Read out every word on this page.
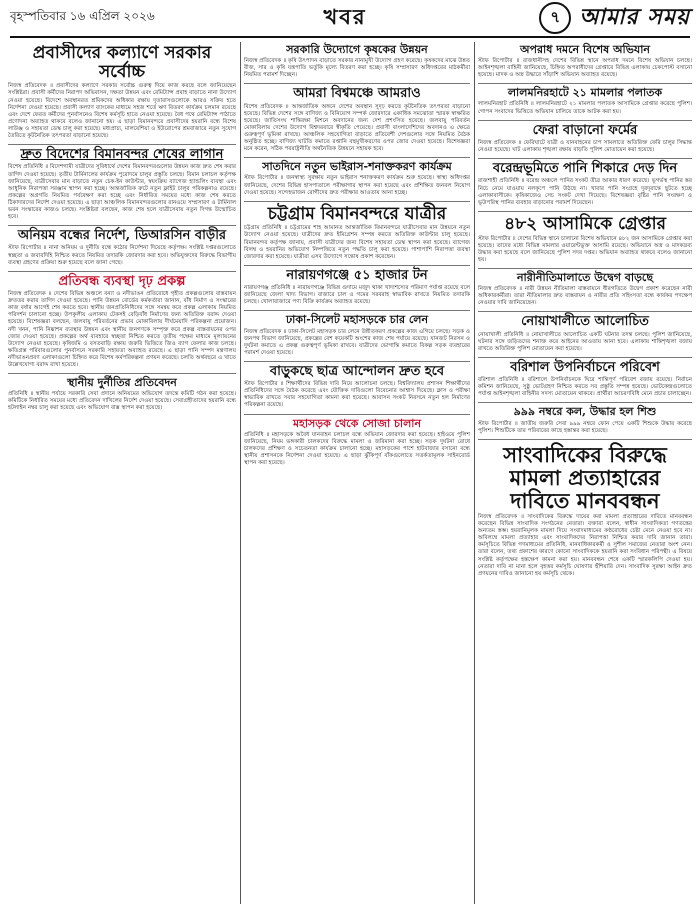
বৃহস্পতিবার ১৬ এপ্রিল ২০২৬	খবর	৭ আমার সময়
প্রবাসীদের কল্যাণে সরকার সর্বোচ্চ
নিজস্ব প্রতিবেদক ॥ প্রবাসীদের কল্যাণে সরকার সর্বোচ্চ গুরুত্ব দিয়ে কাজ করছে বলে জানিয়েছেন সংশ্লিষ্টরা। প্রবাসী কর্মীদের নিরাপদ অভিবাসন, দক্ষতা উন্নয়ন এবং রেমিট্যান্স প্রবাহ বাড়াতে নানা উদ্যোগ নেওয়া হয়েছে। বিদেশে অবস্থানরত শ্রমিকদের অধিকার রক্ষায় দূতাবাসগুলোকে আরও সক্রিয় হতে নির্দেশনা দেওয়া হয়েছে। প্রবাসী কল্যাণ ব্যাংকের মাধ্যমে সহজ শর্তে ঋণ বিতরণ কার্যক্রম চলমান রয়েছে এবং দেশে ফেরত কর্মীদের পুনর্বাসনেও বিশেষ কর্মসূচি হাতে নেওয়া হয়েছে। বৈধ পথে রেমিট্যান্স পাঠাতে প্রণোদনা অব্যাহত থাকবে বলেও জানানো হয়। এ ছাড়া বিমানবন্দরে প্রবাসীদের হয়রানি বন্ধে বিশেষ লাউঞ্জ ও সহায়তা ডেস্ক চালু করা হয়েছে। মধ্যপ্রাচ্য, মালয়েশিয়া ও ইউরোপের শ্রমবাজারে নতুন সুযোগ তৈরিতে কূটনৈতিক তৎপরতা বাড়ানো হয়েছে।
দ্রুত বিদেশের বিমানবন্দর শেষের লাগান
বিশেষ প্রতিনিধি ॥ বিদেশগামী যাত্রীদের সুবিধার্থে দেশের বিমানবন্দরগুলোর উন্নয়ন কাজ দ্রুত শেষ করার তাগিদ দেওয়া হয়েছে। তৃতীয় টার্মিনালের কার্যক্রম পুরোদমে চালুর প্রস্তুতি চলছে। বিমান চলাচল কর্তৃপক্ষ জানিয়েছে, যাত্রীসেবার মান বাড়াতে নতুন চেক-ইন কাউন্টার, স্বয়ংক্রিয় ব্যাগেজ হ্যান্ডলিং ব্যবস্থা এবং আধুনিক নিরাপত্তা সরঞ্জাম স্থাপন করা হচ্ছে। আন্তর্জাতিক রুটে নতুন ফ্লাইট চালুর পরিকল্পনাও রয়েছে। প্রকল্পের অগ্রগতি নিয়মিত পর্যবেক্ষণ করা হচ্ছে এবং নির্ধারিত সময়ের মধ্যে কাজ শেষ করতে ঠিকাদারদের নির্দেশ দেওয়া হয়েছে। এ ছাড়া আঞ্চলিক বিমানবন্দরগুলোর রানওয়ে সম্প্রসারণ ও টার্মিনাল ভবন সংস্কারের কাজও চলছে। সংশ্লিষ্টরা বলছেন, কাজ শেষ হলে যাত্রীসেবায় নতুন দিগন্ত উন্মোচিত হবে।
অনিয়ম বন্ধের নির্দেশ, ডিআরসিন বাড়ীর
স্টাফ রিপোর্টার ॥ নানা অনিয়ম ও দুর্নীতি বন্ধে কঠোর নির্দেশনা দিয়েছে কর্তৃপক্ষ। সংশ্লিষ্ট দপ্তরগুলোতে স্বচ্ছতা ও জবাবদিহি নিশ্চিত করতে নিয়মিত তদারকি জোরদার করা হবে। অভিযুক্তদের বিরুদ্ধে বিভাগীয় ব্যবস্থা গ্রহণের প্রক্রিয়া শুরু হয়েছে বলে জানা গেছে।
প্রতিবন্ধ ব্যবস্থা দৃঢ় প্রকল্প
নিজস্ব প্রতিবেদক ॥ দেশের বিভিন্ন অঞ্চলে বন্যা ও নদীভাঙন প্রতিরোধে গৃহীত প্রকল্পগুলোর বাস্তবায়ন দ্রুততর করার তাগিদ দেওয়া হয়েছে। পানি উন্নয়ন বোর্ডের কর্মকর্তারা জানান, বাঁধ নির্মাণ ও সংস্কারের কাজ বর্ষার আগেই শেষ করতে হবে। স্থানীয় জনপ্রতিনিধিদের সঙ্গে সমন্বয় করে প্রকল্প এলাকায় নিয়মিত পরিদর্শন চালানো হচ্ছে। উপকূলীয় এলাকায় টেকসই বেড়িবাঁধ নির্মাণের জন্য অতিরিক্ত বরাদ্দ দেওয়া হয়েছে। বিশেষজ্ঞরা বলছেন, জলবায়ু পরিবর্তনের প্রভাব মোকাবিলায় দীর্ঘমেয়াদি পরিকল্পনা প্রয়োজন। নদী খনন, পানি নিষ্কাশন ব্যবস্থার উন্নয়ন এবং স্থানীয় জনগণকে সম্পৃক্ত করে প্রকল্প বাস্তবায়নের ওপর জোর দেওয়া হয়েছে। প্রকল্পের অর্থ ব্যবহারে স্বচ্ছতা নিশ্চিত করতে তৃতীয় পক্ষের মাধ্যমে মূল্যায়নের উদ্যোগ নেওয়া হয়েছে। কৃষিজমি ও বসতবাড়ি রক্ষায় জরুরি ভিত্তিতে জিও ব্যাগ ফেলার কাজ চলছে। ক্ষতিগ্রস্ত পরিবারগুলোর পুনর্বাসনে সরকারি সহায়তা অব্যাহত রয়েছে। এ ছাড়া পানি সম্পদ মন্ত্রণালয় নদীভাঙনপ্রবণ এলাকাগুলো চিহ্নিত করে বিশেষ কর্মপরিকল্পনা প্রণয়ন করেছে। চলতি অর্থবছরে এ খাতে উল্লেখযোগ্য বরাদ্দ রাখা হয়েছে।
স্থানীয় দুর্নীতির প্রতিবেদন
প্রতিনিধি ॥ স্থানীয় পর্যায়ে সরকারি সেবা প্রদানে অনিয়মের অভিযোগ তদন্তে কমিটি গঠন করা হয়েছে। কমিটিকে নির্ধারিত সময়ের মধ্যে প্রতিবেদন দাখিলের নির্দেশ দেওয়া হয়েছে। সেবাগ্রহীতাদের হয়রানি বন্ধে হটলাইন নম্বর চালু করা হয়েছে এবং অভিযোগ বাক্স স্থাপন করা হয়েছে।
সরকারি উদ্যোগে কৃষকের উন্নয়ন
নিজস্ব প্রতিবেদক ॥ কৃষি উৎপাদন বাড়াতে সরকার নানামুখী উদ্যোগ গ্রহণ করেছে। কৃষকদের মাঝে উন্নত বীজ, সার ও কৃষি যন্ত্রপাতি ভর্তুকি মূল্যে বিতরণ করা হচ্ছে। কৃষি সম্প্রসারণ অধিদপ্তরের মাঠকর্মীরা নিয়মিত পরামর্শ দিচ্ছেন।
আমরা বিশ্বমঞ্চে আমরাও
বিশেষ প্রতিবেদক ॥ আন্তর্জাতিক অঙ্গনে দেশের অবস্থান সুদৃঢ় করতে কূটনৈতিক তৎপরতা বাড়ানো হয়েছে। বিভিন্ন দেশের সঙ্গে বাণিজ্য ও বিনিয়োগ সম্পর্ক জোরদারে একাধিক সমঝোতা স্মারক স্বাক্ষরিত হয়েছে। জাতিসংঘ শান্তিরক্ষা মিশনে অবদানের জন্য দেশ প্রশংসিত হয়েছে। জলবায়ু পরিবর্তন মোকাবিলায় দেশের উদ্যোগ বিশ্বদরবারে স্বীকৃতি পেয়েছে। প্রবাসী বাংলাদেশিদের অবদানও এ ক্ষেত্রে গুরুত্বপূর্ণ ভূমিকা রাখছে। আঞ্চলিক সহযোগিতা বাড়াতে প্রতিবেশী দেশগুলোর সঙ্গে নিয়মিত বৈঠক অনুষ্ঠিত হচ্ছে। বাণিজ্য ঘাটতি কমাতে রপ্তানি বহুমুখীকরণের ওপর জোর দেওয়া হয়েছে। বিশেষজ্ঞরা মনে করেন, সঠিক পররাষ্ট্রনীতি অর্থনৈতিক উন্নয়নে সহায়ক হবে।
সাতদিনে নতুন ভাইরাস-শনাক্তকরণ কার্যক্রম
স্টাফ রিপোর্টার ॥ জনস্বাস্থ্য সুরক্ষায় নতুন ভাইরাস শনাক্তকরণ কার্যক্রম শুরু হয়েছে। স্বাস্থ্য অধিদপ্তর জানিয়েছে, দেশের বিভিন্ন হাসপাতালে পরীক্ষাগার স্থাপন করা হয়েছে এবং প্রশিক্ষিত জনবল নিয়োগ দেওয়া হয়েছে। সন্দেহভাজন রোগীদের দ্রুত পরীক্ষার আওতায় আনা হচ্ছে।
চট্টগ্রাম বিমানবন্দরে যাত্রীর
চট্টগ্রাম প্রতিনিধি ॥ চট্টগ্রামের শাহ আমানত আন্তর্জাতিক বিমানবন্দরে যাত্রীসেবার মান উন্নয়নে নতুন উদ্যোগ নেওয়া হয়েছে। যাত্রীদের দ্রুত ইমিগ্রেশন সম্পন্ন করতে অতিরিক্ত কাউন্টার চালু হয়েছে। বিমানবন্দর কর্তৃপক্ষ জানায়, প্রবাসী যাত্রীদের জন্য বিশেষ সহায়তা ডেস্ক স্থাপন করা হয়েছে। ব্যাগেজ বিলম্ব ও হয়রানির অভিযোগ নিষ্পত্তিতে নতুন পদ্ধতি চালু করা হয়েছে। পাশাপাশি নিরাপত্তা ব্যবস্থা জোরদার করা হয়েছে। যাত্রীরা এসব উদ্যোগে সন্তোষ প্রকাশ করেছেন।
নারায়ণগঞ্জে ৫১ হাজার টন
নারায়ণগঞ্জ প্রতিনিধি ॥ নারায়ণগঞ্জে বিভিন্ন গুদামে মজুদ থাকা খাদ্যশস্যের পরিমাণ পর্যাপ্ত রয়েছে বলে জানিয়েছে জেলা খাদ্য বিভাগ। বাজারে চাল ও গমের সরবরাহ স্বাভাবিক রাখতে নিয়মিত তদারকি চলছে। খোলাবাজারে পণ্য বিক্রি কার্যক্রম অব্যাহত রয়েছে।
ঢাকা-সিলেট মহাসড়কে চার লেন
নিজস্ব প্রতিবেদক ॥ ঢাকা-সিলেট মহাসড়ক চার লেনে উন্নীতকরণ প্রকল্পের কাজ এগিয়ে চলছে। সড়ক ও জনপথ বিভাগ জানিয়েছে, প্রকল্পের বেশ কয়েকটি অংশের কাজ শেষ পর্যায়ে রয়েছে। যানজট নিরসন ও দুর্ঘটনা কমাতে এ প্রকল্প গুরুত্বপূর্ণ ভূমিকা রাখবে। যাত্রীদের ভোগান্তি কমাতে বিকল্প সড়ক ব্যবহারের পরামর্শ দেওয়া হয়েছে।
বাড়ুকছে ছাত্র আন্দোলন দ্রুত হবে
স্টাফ রিপোর্টার ॥ শিক্ষার্থীদের বিভিন্ন দাবি নিয়ে আলোচনা চলছে। বিশ্ববিদ্যালয় প্রশাসন শিক্ষার্থীদের প্রতিনিধিদের সঙ্গে বৈঠক করেছে এবং যৌক্তিক দাবিগুলো বিবেচনার আশ্বাস দিয়েছে। ক্লাস ও পরীক্ষা স্বাভাবিক রাখতে সবার সহযোগিতা কামনা করা হয়েছে। আবাসন সংকট নিরসনে নতুন হল নির্মাণের পরিকল্পনা রয়েছে।
মহাসড়ক থেকে সোজা চালান
প্রতিনিধি ॥ মহাসড়কে অবৈধ যানবাহন চলাচল বন্ধে অভিযান জোরদার করা হয়েছে। হাইওয়ে পুলিশ জানিয়েছে, নিয়ম ভঙ্গকারী চালকদের বিরুদ্ধে মামলা ও জরিমানা করা হচ্ছে। সড়ক দুর্ঘটনা রোধে চালকদের প্রশিক্ষণ ও সচেতনতা কার্যক্রম চালানো হচ্ছে। মহাসড়কের পাশে হাটবাজার বসানো বন্ধে স্থানীয় প্রশাসনকে নির্দেশনা দেওয়া হয়েছে। এ ছাড়া ঝুঁকিপূর্ণ বাঁকগুলোতে সতর্কতামূলক সাইনবোর্ড স্থাপন করা হয়েছে।
অপরাধ দমনে বিশেষ অভিযান
স্টাফ রিপোর্টার ॥ রাজধানীসহ দেশের বিভিন্ন স্থানে অপরাধ দমনে বিশেষ অভিযান চলছে। আইনশৃঙ্খলা বাহিনী জানিয়েছে, চিহ্নিত অপরাধীদের গ্রেপ্তারে বিভিন্ন এলাকায় চেকপোস্ট বসানো হয়েছে। মাদক ও অস্ত্র উদ্ধারে সাঁড়াশি অভিযান অব্যাহত রয়েছে।
লালমনিরহাটে ২১ মামলার পলাতক
লালমনিরহাট প্রতিনিধি ॥ লালমনিরহাটে ২১ মামলার পলাতক আসামিকে গ্রেপ্তার করেছে পুলিশ। গোপন সংবাদের ভিত্তিতে অভিযান চালিয়ে তাকে আটক করা হয়।
ফেরা বাড়ানো ফর্মের
নিজস্ব প্রতিবেদক ॥ ফেরিঘাটে যাত্রী ও যানবাহনের চাপ সামলাতে অতিরিক্ত ফেরি চালুর সিদ্ধান্ত নেওয়া হয়েছে। ঘাট এলাকায় শৃঙ্খলা রক্ষায় বাড়তি পুলিশ মোতায়েন করা হয়েছে।
বরেন্দ্রভূমিতে পানি শিকারে দেড় দিন
রাজশাহী প্রতিনিধি ॥ বরেন্দ্র অঞ্চলে পানির সংকট তীব্র আকার ধারণ করেছে। ভূগর্ভস্থ পানির স্তর নিচে নেমে যাওয়ায় নলকূপে পানি উঠছে না। খাবার পানি সংগ্রহে দূরদূরান্তে ছুটতে হচ্ছে এলাকাবাসীকে। কৃষিকাজেও সেচ সংকট দেখা দিয়েছে। বিশেষজ্ঞরা বৃষ্টির পানি সংরক্ষণ ও ভূউপরিস্থ পানির ব্যবহার বাড়ানোর পরামর্শ দিয়েছেন।
৪৮২ আসামিকে গ্রেপ্তার
স্টাফ রিপোর্টার ॥ দেশের বিভিন্ন স্থানে চালানো বিশেষ অভিযানে ৪৮২ জন আসামিকে গ্রেপ্তার করা হয়েছে। তাদের মধ্যে বিভিন্ন মামলার ওয়ারেন্টভুক্ত আসামি রয়েছে। অভিযানে অস্ত্র ও মাদকদ্রব্য উদ্ধার করা হয়েছে বলে জানিয়েছে পুলিশ সদর দপ্তর। অভিযান অব্যাহত থাকবে বলেও জানানো হয়।
নারীনীতিমালাতে উদ্বেগ বাড়ছে
নিজস্ব প্রতিবেদক ॥ নারী উন্নয়ন নীতিমালা বাস্তবায়নে ধীরগতিতে উদ্বেগ প্রকাশ করেছেন নারী অধিকারকর্মীরা। তারা নীতিমালার দ্রুত বাস্তবায়ন ও নারীর প্রতি সহিংসতা বন্ধে কার্যকর পদক্ষেপ নেওয়ার দাবি জানিয়েছেন।
নোয়াখালীতে আলোচিত
নোয়াখালী প্রতিনিধি ॥ নোয়াখালীতে আলোচিত একটি ঘটনার তদন্ত চলছে। পুলিশ জানিয়েছে, ঘটনার সঙ্গে জড়িতদের শনাক্ত করে আইনের আওতায় আনা হবে। এলাকায় শান্তিশৃঙ্খলা বজায় রাখতে অতিরিক্ত পুলিশ মোতায়েন করা হয়েছে।
বরিশাল উপনির্বাচনে পরিবেশ
বরিশাল প্রতিনিধি ॥ বরিশালে উপনির্বাচনকে ঘিরে শান্তিপূর্ণ পরিবেশ বজায় রয়েছে। নির্বাচন কমিশন জানিয়েছে, সুষ্ঠু ভোটগ্রহণ নিশ্চিত করতে সব প্রস্তুতি সম্পন্ন হয়েছে। ভোটকেন্দ্রগুলোতে পর্যাপ্ত আইনশৃঙ্খলা বাহিনীর সদস্য মোতায়েন থাকবে। প্রার্থীরা আচরণবিধি মেনে প্রচার চালাচ্ছেন।
৯৯৯ নম্বরে কল, উদ্ধার হল শিশু
স্টাফ রিপোর্টার ॥ জাতীয় জরুরি সেবা ৯৯৯ নম্বরে ফোন পেয়ে একটি শিশুকে উদ্ধার করেছে পুলিশ। শিশুটিকে তার পরিবারের কাছে হস্তান্তর করা হয়েছে।
সাংবাদিকের বিরুদ্ধে মামলা প্রত্যাহারের দাবিতে মানববন্ধন
নিজস্ব প্রতিবেদক ॥ সাংবাদিকের বিরুদ্ধে দায়ের করা মামলা প্রত্যাহারের দাবিতে মানববন্ধন করেছেন বিভিন্ন সাংবাদিক সংগঠনের নেতারা। বক্তারা বলেন, স্বাধীন সাংবাদিকতা গণতন্ত্রের অন্যতম স্তম্ভ। হয়রানিমূলক মামলা দিয়ে সংবাদমাধ্যমের কণ্ঠরোধের চেষ্টা মেনে নেওয়া হবে না। অবিলম্বে মামলা প্রত্যাহার এবং সাংবাদিকদের নিরাপত্তা নিশ্চিত করার দাবি জানান তারা। কর্মসূচিতে বিভিন্ন গণমাধ্যমের প্রতিনিধি, মানবাধিকারকর্মী ও সুশীল সমাজের নেতারা অংশ নেন। তারা বলেন, তথ্য প্রকাশের কারণে কোনো সাংবাদিককে হয়রানি করা সংবিধান পরিপন্থী। এ বিষয়ে সংশ্লিষ্ট কর্তৃপক্ষের হস্তক্ষেপ কামনা করা হয়। মানববন্ধন শেষে একটি স্মারকলিপি দেওয়া হয়। নেতারা দাবি না মানা হলে বৃহত্তর কর্মসূচি ঘোষণার হুঁশিয়ারি দেন। সাংবাদিক সুরক্ষা আইন দ্রুত প্রণয়নের দাবিও জানানো হয় কর্মসূচি থেকে।
